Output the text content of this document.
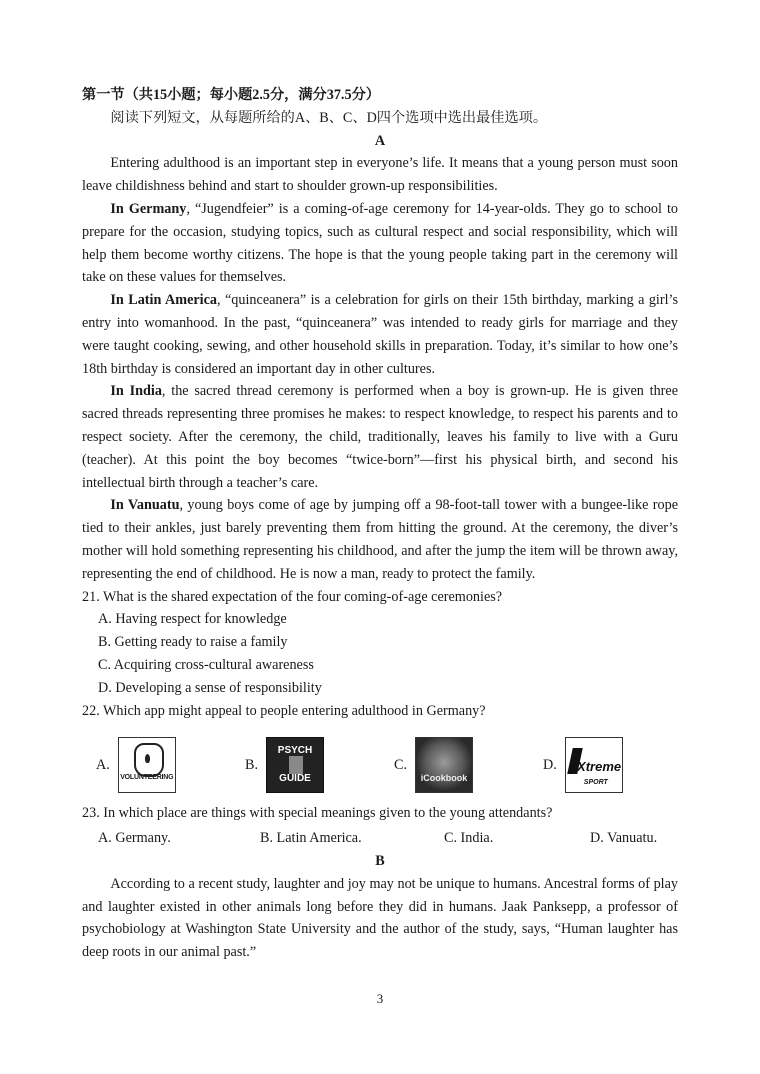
第一节（共15小题；每小题2.5分，满分37.5分）

阅读下列短文，从每题所给的A、B、C、D四个选项中选出最佳选项。

A

Entering adulthood is an important step in everyone’s life. It means that a young person must soon leave childishness behind and start to shoulder grown-up responsibilities.

In Germany, “Jugendfeier” is a coming-of-age ceremony for 14-year-olds. They go to school to prepare for the occasion, studying topics, such as cultural respect and social responsibility, which will help them become worthy citizens. The hope is that the young people taking part in the ceremony will take on these values for themselves.

In Latin America, “quinceanera” is a celebration for girls on their 15th birthday, marking a girl’s entry into womanhood. In the past, “quinceanera” was intended to ready girls for marriage and they were taught cooking, sewing, and other household skills in preparation. Today, it’s similar to how one’s 18th birthday is considered an important day in other cultures.

In India, the sacred thread ceremony is performed when a boy is grown-up. He is given three sacred threads representing three promises he makes: to respect knowledge, to respect his parents and to respect society. After the ceremony, the child, traditionally, leaves his family to live with a Guru (teacher). At this point the boy becomes “twice-born”—first his physical birth, and second his intellectual birth through a teacher’s care.

In Vanuatu, young boys come of age by jumping off a 98-foot-tall tower with a bungee-like rope tied to their ankles, just barely preventing them from hitting the ground. At the ceremony, the diver’s mother will hold something representing his childhood, and after the jump the item will be thrown away, representing the end of childhood. He is now a man, ready to protect the family.

21. What is the shared expectation of the four coming-of-age ceremonies?
A. Having respect for knowledge
B. Getting ready to raise a family
C. Acquiring cross-cultural awareness
D. Developing a sense of responsibility
22. Which app might appeal to people entering adulthood in Germany?
A.
VOLUNTEERING
B.
PSYCH
GUIDE
C.
iCookbook
D. eXtreme
SPORT
23. In which place are things with special meanings given to the young attendants?
A. Germany.	B. Latin America.	C. India.	D. Vanuatu.
B

According to a recent study, laughter and joy may not be unique to humans. Ancestral forms of play and laughter existed in other animals long before they did in humans. Jaak Panksepp, a professor of psychobiology at Washington State University and the author of the study, says, “Human laughter has deep roots in our animal past.”

3
